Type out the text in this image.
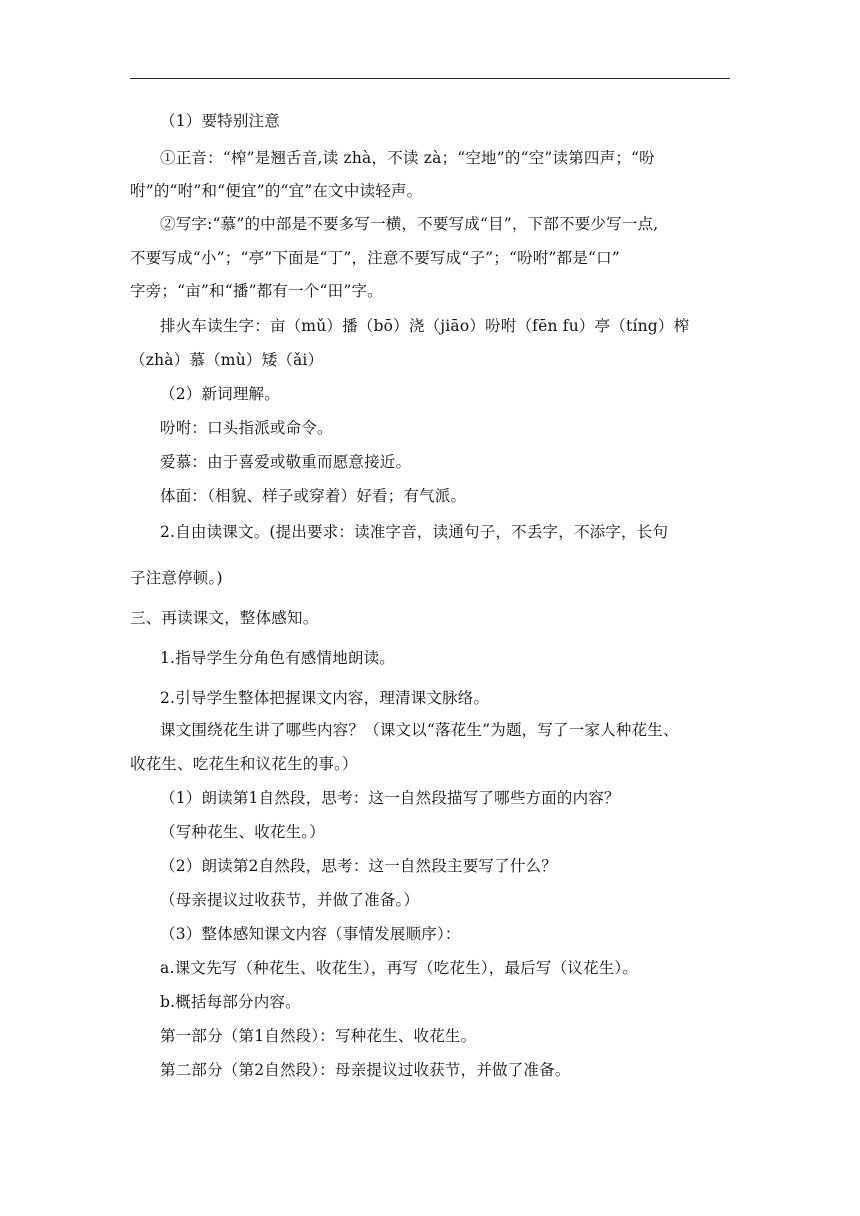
（1）要特别注意
①正音：“榨”是翘舌音,读 zhà，不读 zà；“空地”的“空”读第四声；“吩
咐”的“咐”和“便宜”的“宜”在文中读轻声。
②写字:“慕”的中部是不要多写一横，不要写成“目”，下部不要少写一点,
不要写成“小”；“亭”下面是“丁”，注意不要写成“子”；“吩咐”都是“口”
字旁；“亩”和“播”都有一个“田”字。
排火车读生字：亩（mǔ）播（bō）浇（jiāo）吩咐（fēn fu）亭（tíng）榨
（zhà）慕（mù）矮（ǎi）
（2）新词理解。
吩咐：口头指派或命令。
爱慕：由于喜爱或敬重而愿意接近。
体面：（相貌、样子或穿着）好看；有气派。
2.自由读课文。(提出要求：读准字音，读通句子，不丢字，不添字，长句
子注意停顿。)
三、再读课文，整体感知。
1.指导学生分角色有感情地朗读。
2.引导学生整体把握课文内容，理清课文脉络。
课文围绕花生讲了哪些内容？（课文以“落花生”为题，写了一家人种花生、
收花生、吃花生和议花生的事。）
（1）朗读第1自然段，思考：这一自然段描写了哪些方面的内容？
（写种花生、收花生。）
（2）朗读第2自然段，思考：这一自然段主要写了什么？
（母亲提议过收获节，并做了准备。）
（3）整体感知课文内容（事情发展顺序）：
a.课文先写（种花生、收花生），再写（吃花生），最后写（议花生）。
b.概括每部分内容。
第一部分（第1自然段）：写种花生、收花生。
第二部分（第2自然段）：母亲提议过收获节，并做了准备。
